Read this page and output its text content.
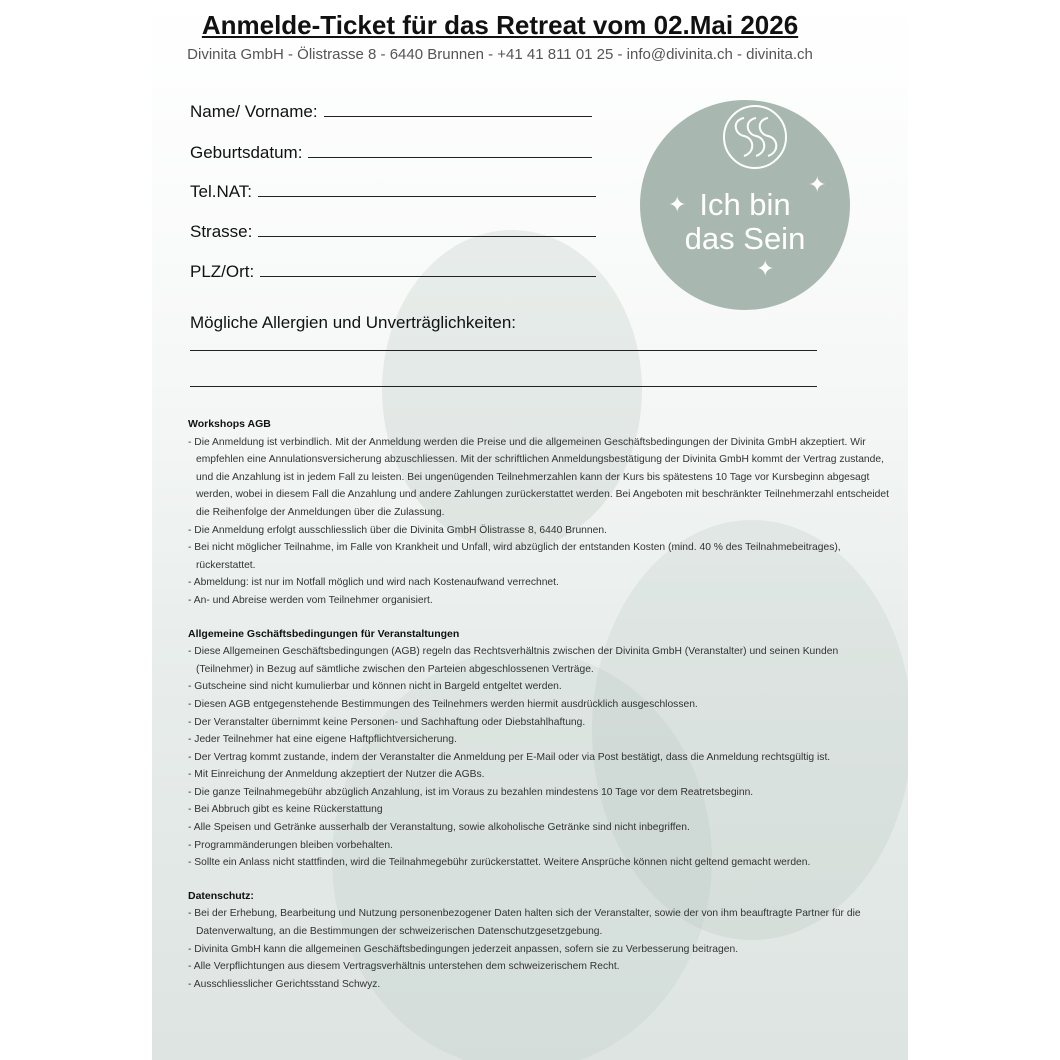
Anmelde-Ticket für das Retreat vom 02.Mai 2026
Divinita GmbH - Ölistrasse 8 - 6440 Brunnen - +41 41 811 01 25 - info@divinita.ch - divinita.ch
Name/ Vorname:
Geburtsdatum:
Tel.NAT:
Strasse:
PLZ/Ort:
Mögliche Allergien und Unverträglichkeiten:
Ich bin
das Sein
✦
✦
✦
Workshops AGB
- Die Anmeldung ist verbindlich. Mit der Anmeldung werden die Preise und die allgemeinen Geschäftsbedingungen der Divinita GmbH akzeptiert. Wir empfehlen eine Annulationsversicherung abzuschliessen. Mit der schriftlichen Anmeldungsbestätigung der Divinita GmbH kommt der Vertrag zustande, und die Anzahlung ist in jedem Fall zu leisten. Bei ungenügenden Teilnehmerzahlen kann der Kurs bis spätestens 10 Tage vor Kursbeginn abgesagt werden, wobei in diesem Fall die Anzahlung und andere Zahlungen zurückerstattet werden. Bei Angeboten mit beschränkter Teilnehmerzahl entscheidet die Reihenfolge der Anmeldungen über die Zulassung.
- Die Anmeldung erfolgt ausschliesslich über die Divinita GmbH Ölistrasse 8, 6440 Brunnen.
- Bei nicht möglicher Teilnahme, im Falle von Krankheit und Unfall, wird abzüglich der entstanden Kosten (mind. 40 % des Teilnahmebeitrages), rückerstattet.
- Abmeldung: ist nur im Notfall möglich und wird nach Kostenaufwand verrechnet.
- An- und Abreise werden vom Teilnehmer organisiert.
Allgemeine Gschäftsbedingungen für Veranstaltungen
- Diese Allgemeinen Geschäftsbedingungen (AGB) regeln das Rechtsverhältnis zwischen der Divinita GmbH (Veranstalter) und seinen Kunden (Teilnehmer) in Bezug auf sämtliche zwischen den Parteien abgeschlossenen Verträge.
- Gutscheine sind nicht kumulierbar und können nicht in Bargeld entgeltet werden.
- Diesen AGB entgegenstehende Bestimmungen des Teilnehmers werden hiermit ausdrücklich ausgeschlossen.
- Der Veranstalter übernimmt keine Personen- und Sachhaftung oder Diebstahlhaftung.
- Jeder Teilnehmer hat eine eigene Haftpflichtversicherung.
- Der Vertrag kommt zustande, indem der Veranstalter die Anmeldung per E-Mail oder via Post bestätigt, dass die Anmeldung rechtsgültig ist.
- Mit Einreichung der Anmeldung akzeptiert der Nutzer die AGBs.
- Die ganze Teilnahmegebühr abzüglich Anzahlung, ist im Voraus zu bezahlen mindestens 10 Tage vor dem Reatretsbeginn.
- Bei Abbruch gibt es keine Rückerstattung
- Alle Speisen und Getränke ausserhalb der Veranstaltung, sowie alkoholische Getränke sind nicht inbegriffen.
- Programmänderungen bleiben vorbehalten.
- Sollte ein Anlass nicht stattfinden, wird die Teilnahmegebühr zurückerstattet. Weitere Ansprüche können nicht geltend gemacht werden.
Datenschutz:
- Bei der Erhebung, Bearbeitung und Nutzung personenbezogener Daten halten sich der Veranstalter, sowie der von ihm beauftragte Partner für die Datenverwaltung, an die Bestimmungen der schweizerischen Datenschutzgesetzgebung.
- Divinita GmbH kann die allgemeinen Geschäftsbedingungen jederzeit anpassen, sofern sie zu Verbesserung beitragen.
- Alle Verpflichtungen aus diesem Vertragsverhältnis unterstehen dem schweizerischem Recht.
- Ausschliesslicher Gerichtsstand Schwyz.
